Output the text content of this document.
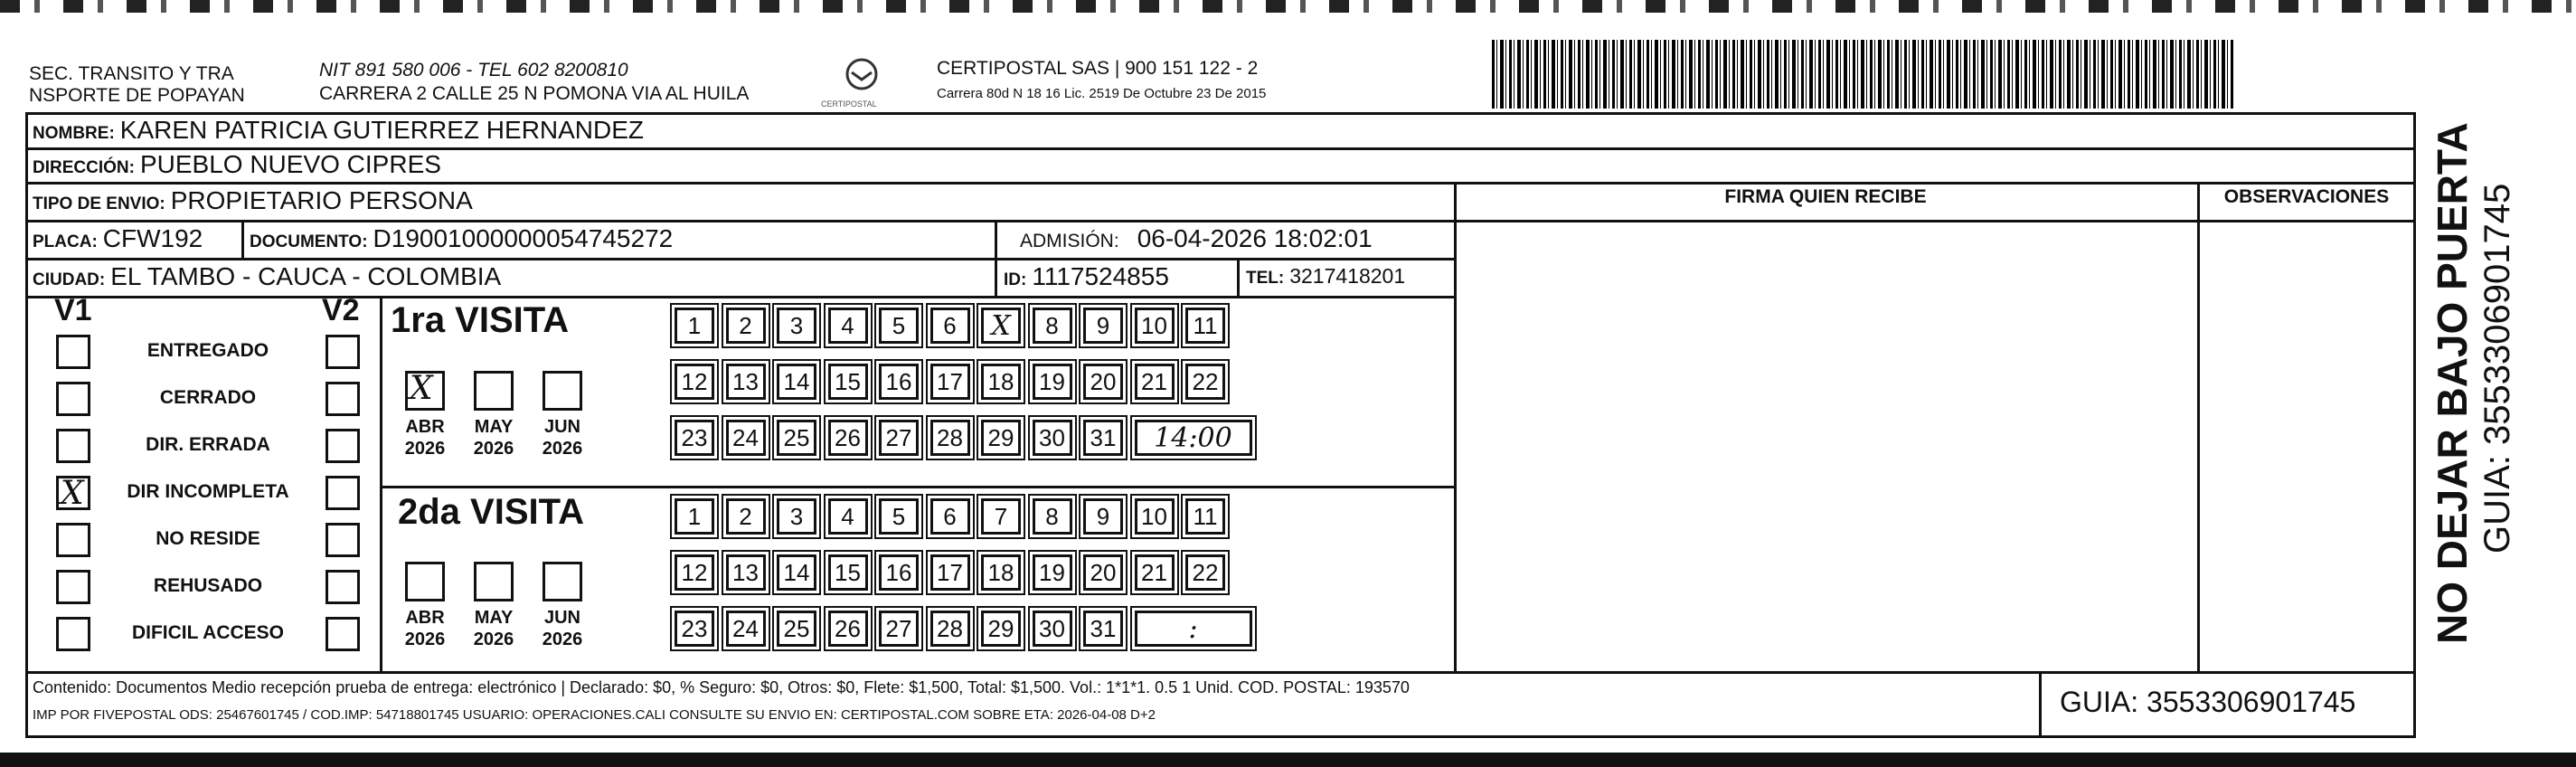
SEC. TRANSITO Y TRA
NSPORTE DE POPAYAN
NIT 891 580 006 - TEL 602 8200810
CARRERA 2 CALLE 25 N POMONA VIA AL HUILA	CERTIPOSTAL
CERTIPOSTAL SAS | 900 151 122 - 2
Carrera 80d N 18 16 Lic. 2519 De Octubre 23 De 2015
NOMBRE: KAREN PATRICIA GUTIERREZ HERNANDEZ
DIRECCIÓN: PUEBLO NUEVO CIPRES
TIPO DE ENVIO: PROPIETARIO PERSONA
PLACA: CFW192	DOCUMENTO: D19001000000054745272	ADMISIÓN: 06-04-2026 18:02:01
CIUDAD: EL TAMBO - CAUCA - COLOMBIA	ID: 1117524855	TEL: 3217418201
FIRMA QUIEN RECIBE	OBSERVACIONES
V1	V2
ENTREGADO
CERRADO
DIR. ERRADA
X	DIR INCOMPLETA
NO RESIDE
REHUSADO
DIFICIL ACCESO
1ra VISITA
2da VISITA
X
ABR
2026
MAY
2026
JUN
2026
1	2	3	4	5	6	X	8	9	10	11
12 13 14 15 16 17 18 19 20 21 22
23 24 25 26 27 28 29 30 31	14:00
ABR
2026
MAY
2026
JUN
2026
1	2	3	4	5	6	7	8	9	10	11
12 13 14 15 16 17 18 19 20 21 22
23 24 25 26 27 28 29 30 31	:
Contenido: Documentos Medio recepción prueba de entrega: electrónico | Declarado: $0, % Seguro: $0, Otros: $0, Flete: $1,500, Total: $1,500. Vol.: 1*1*1. 0.5 1 Unid. COD. POSTAL: 193570
IMP POR FIVEPOSTAL ODS: 25467601745 / COD.IMP: 54718801745 USUARIO: OPERACIONES.CALI CONSULTE SU ENVIO EN: CERTIPOSTAL.COM SOBRE ETA: 2026-04-08 D+2	GUIA: 3553306901745
NO DEJAR BAJO PUERTA GUIA: 3553306901745
